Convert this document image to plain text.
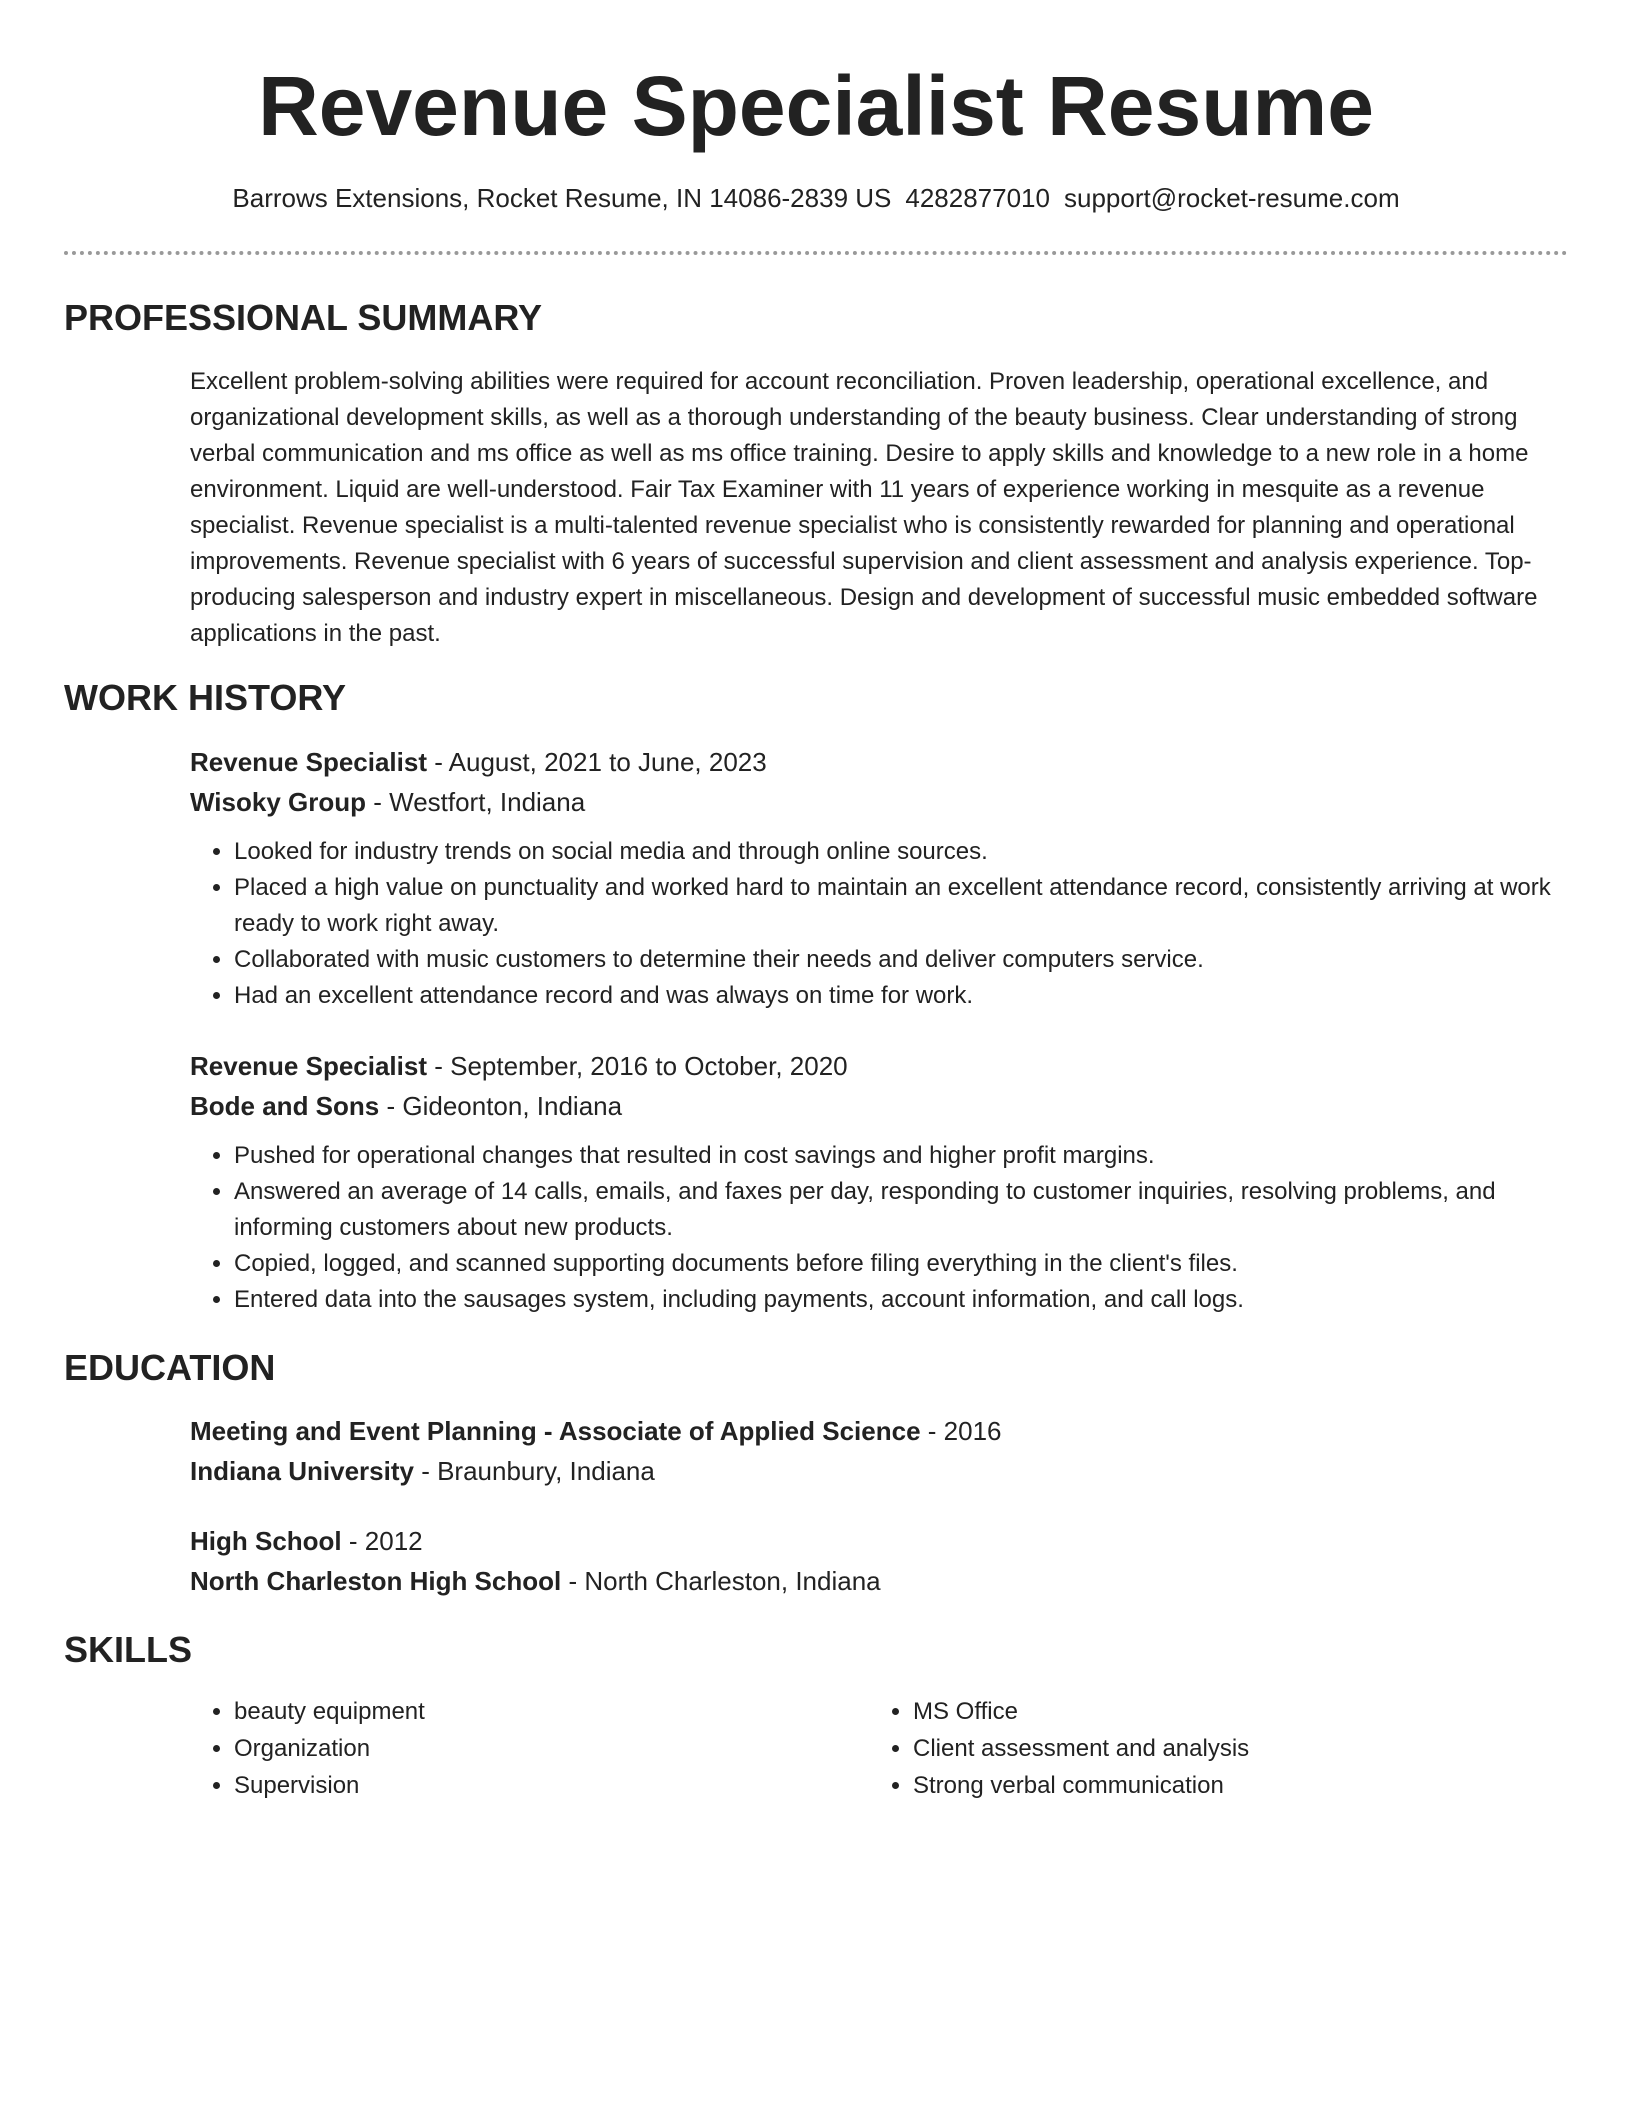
Revenue Specialist Resume
Barrows Extensions, Rocket Resume, IN 14086-2839 US 4282877010 support@rocket-resume.com
PROFESSIONAL SUMMARY

Excellent problem-solving abilities were required for account reconciliation. Proven leadership, operational excellence, and organizational development skills, as well as a thorough understanding of the beauty business. Clear understanding of strong verbal communication and ms office as well as ms office training. Desire to apply skills and knowledge to a new role in a home environment. Liquid are well-understood. Fair Tax Examiner with 11 years of experience working in mesquite as a revenue specialist. Revenue specialist is a multi-talented revenue specialist who is consistently rewarded for planning and operational improvements. Revenue specialist with 6 years of successful supervision and client assessment and analysis experience. Top-producing salesperson and industry expert in miscellaneous. Design and development of successful music embedded software applications in the past.

WORK HISTORY
Revenue Specialist - August, 2021 to June, 2023
Wisoky Group - Westfort, Indiana
• Looked for industry trends on social media and through online sources.
• Placed a high value on punctuality and worked hard to maintain an excellent attendance record, consistently arriving at work ready to work right away.
• Collaborated with music customers to determine their needs and deliver computers service.
• Had an excellent attendance record and was always on time for work.
Revenue Specialist - September, 2016 to October, 2020
Bode and Sons - Gideonton, Indiana
• Pushed for operational changes that resulted in cost savings and higher profit margins.
• Answered an average of 14 calls, emails, and faxes per day, responding to customer inquiries, resolving problems, and informing customers about new products.
• Copied, logged, and scanned supporting documents before filing everything in the client's files.
• Entered data into the sausages system, including payments, account information, and call logs.
EDUCATION
Meeting and Event Planning - Associate of Applied Science - 2016
Indiana University - Braunbury, Indiana
High School - 2012
North Charleston High School - North Charleston, Indiana
SKILLS
• beauty equipment
• Organization
• Supervision
• MS Office
• Client assessment and analysis
• Strong verbal communication
